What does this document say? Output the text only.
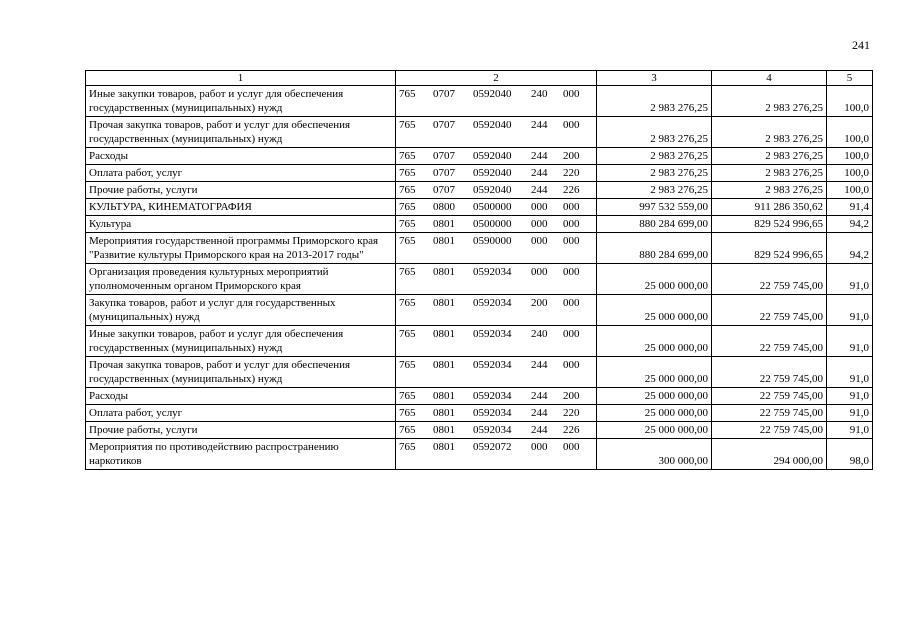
241
1	2	3	4	5
Иные закупки товаров, работ и услуг для обеспечения государственных (муниципальных) нужд	765 0707 0592040 240 000	2 983 276,25	2 983 276,25	100,0
Прочая закупка товаров, работ и услуг для обеспечения государственных (муниципальных) нужд	765 0707 0592040 244 000	2 983 276,25	2 983 276,25	100,0
Расходы	765 0707 0592040 244 200	2 983 276,25	2 983 276,25	100,0
Оплата работ, услуг	765 0707 0592040 244 220	2 983 276,25	2 983 276,25	100,0
Прочие работы, услуги	765 0707 0592040 244 226	2 983 276,25	2 983 276,25	100,0
КУЛЬТУРА, КИНЕМАТОГРАФИЯ	765 0800 0500000 000 000	997 532 559,00	911 286 350,62	91,4
Культура	765 0801 0500000 000 000	880 284 699,00	829 524 996,65	94,2
Мероприятия государственной программы Приморского края "Развитие культуры Приморского края на 2013-2017 годы"	765 0801 0590000 000 000	880 284 699,00	829 524 996,65	94,2
Организация проведения культурных мероприятий уполномоченным органом Приморского края	765 0801 0592034 000 000	25 000 000,00	22 759 745,00	91,0
Закупка товаров, работ и услуг для государственных (муниципальных) нужд	765 0801 0592034 200 000	25 000 000,00	22 759 745,00	91,0
Иные закупки товаров, работ и услуг для обеспечения государственных (муниципальных) нужд	765 0801 0592034 240 000	25 000 000,00	22 759 745,00	91,0
Прочая закупка товаров, работ и услуг для обеспечения государственных (муниципальных) нужд	765 0801 0592034 244 000	25 000 000,00	22 759 745,00	91,0
Расходы	765 0801 0592034 244 200	25 000 000,00	22 759 745,00	91,0
Оплата работ, услуг	765 0801 0592034 244 220	25 000 000,00	22 759 745,00	91,0
Прочие работы, услуги	765 0801 0592034 244 226	25 000 000,00	22 759 745,00	91,0
Мероприятия по противодействию распространению наркотиков	765 0801 0592072 000 000	300 000,00	294 000,00	98,0
